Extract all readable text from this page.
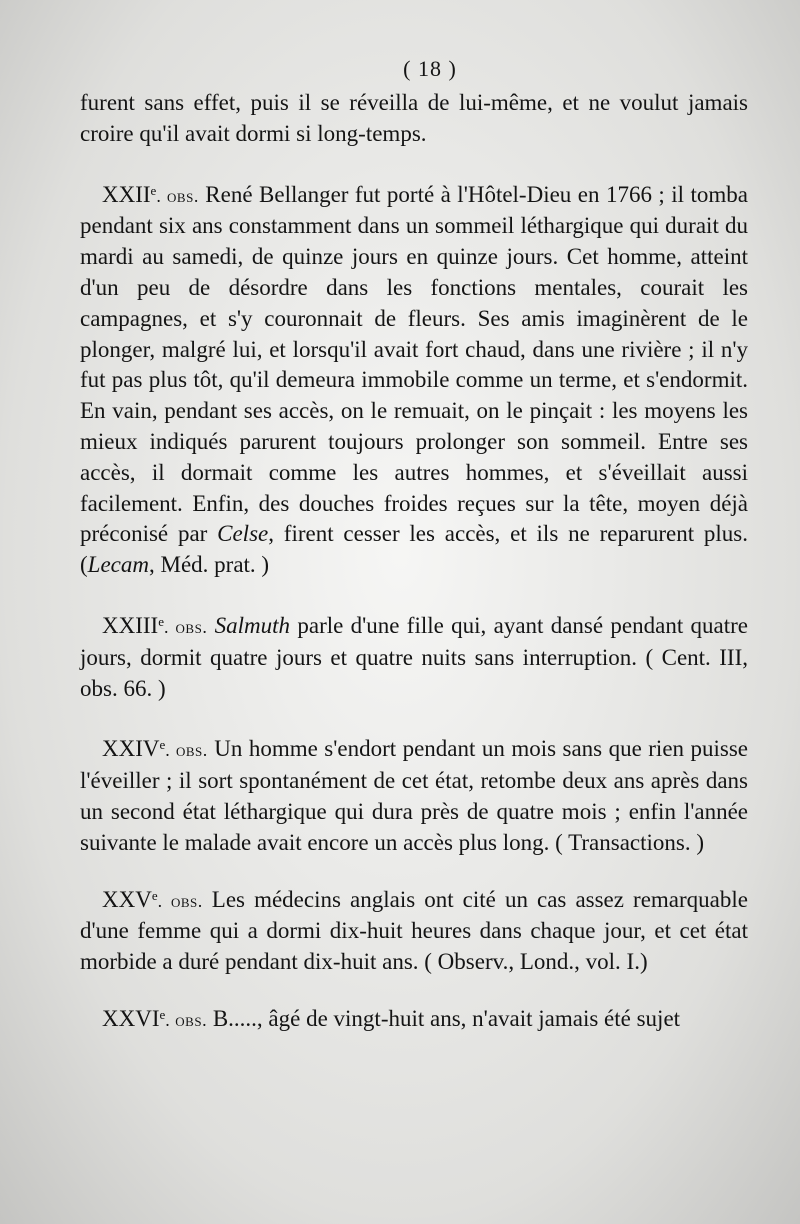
( 18 )

furent sans effet, puis il se réveilla de lui-même, et ne voulut jamais croire qu'il avait dormi si long-temps.

XXIIe. obs. René Bellanger fut porté à l'Hôtel-Dieu en 1766 ; il tomba pendant six ans constamment dans un sommeil léthargique qui durait du mardi au samedi, de quinze jours en quinze jours. Cet homme, atteint d'un peu de désordre dans les fonctions mentales, courait les campagnes, et s'y couronnait de fleurs. Ses amis imaginèrent de le plonger, malgré lui, et lorsqu'il avait fort chaud, dans une rivière ; il n'y fut pas plus tôt, qu'il demeura immobile comme un terme, et s'endormit. En vain, pendant ses accès, on le remuait, on le pinçait : les moyens les mieux indiqués parurent toujours prolonger son sommeil. Entre ses accès, il dormait comme les autres hommes, et s'éveillait aussi facilement. Enfin, des douches froides reçues sur la tête, moyen déjà préconisé par Celse, firent cesser les accès, et ils ne reparurent plus. (Lecam, Méd. prat. )

XXIIIe. obs. Salmuth parle d'une fille qui, ayant dansé pendant quatre jours, dormit quatre jours et quatre nuits sans interruption. ( Cent. III, obs. 66. )

XXIVe. obs. Un homme s'endort pendant un mois sans que rien puisse l'éveiller ; il sort spontanément de cet état, retombe deux ans après dans un second état léthargique qui dura près de quatre mois ; enfin l'année suivante le malade avait encore un accès plus long. ( Transactions. )

XXVe. obs. Les médecins anglais ont cité un cas assez remarquable d'une femme qui a dormi dix-huit heures dans chaque jour, et cet état morbide a duré pendant dix-huit ans. ( Observ., Lond., vol. I.)

XXVIe. obs. B....., âgé de vingt-huit ans, n'avait jamais été sujet
